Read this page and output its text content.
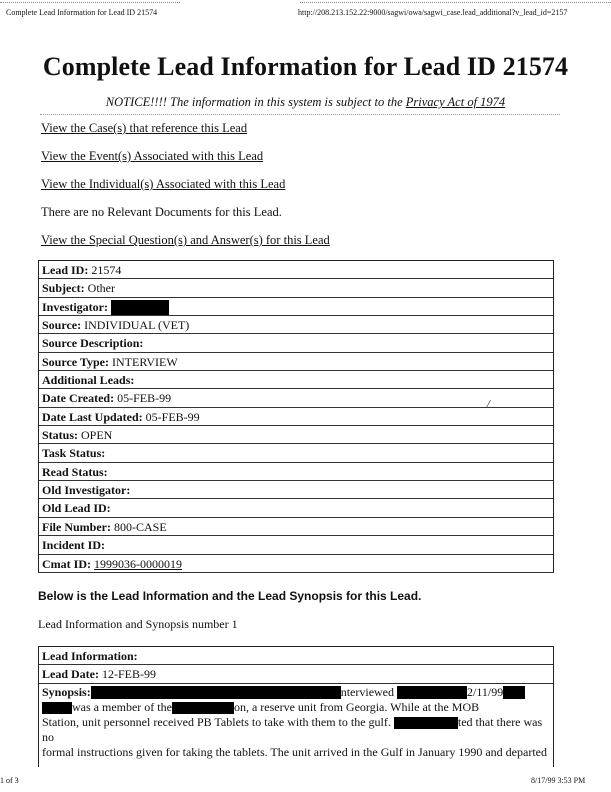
Complete Lead Information for Lead ID 21574	http://208.213.152.22:9000/sagwi/owa/sagwi_case.lead_additional?v_lead_id=2157
Complete Lead Information for Lead ID 21574
NOTICE!!!! The information in this system is subject to the Privacy Act of 1974
View the Case(s) that reference this Lead
View the Event(s) Associated with this Lead
View the Individual(s) Associated with this Lead
There are no Relevant Documents for this Lead.
View the Special Question(s) and Answer(s) for this Lead
Lead ID: 21574
Subject: Other
Investigator:
Source: INDIVIDUAL (VET)
Source Description:
Source Type: INTERVIEW
Additional Leads:
Date Created: 05-FEB-99
Date Last Updated: 05-FEB-99
Status: OPEN
Task Status:
Read Status:
Old Investigator:
Old Lead ID:
File Number: 800-CASE
Incident ID:
Cmat ID: 1999036-0000019
/
Below is the Lead Information and the Lead Synopsis for this Lead.
Lead Information and Synopsis number 1
Lead Information:
Lead Date: 12-FEB-99
Synopsis:	nterviewed	2/11/99
was a member of the	on, a reserve unit from Georgia. While at the MOB
Station, unit personnel received PB Tablets to take with them to the gulf.	ted that there was no
formal instructions given for taking the tablets. The unit arrived in the Gulf in January 1990 and departed
1 of 3	8/17/99 3:53 PM
